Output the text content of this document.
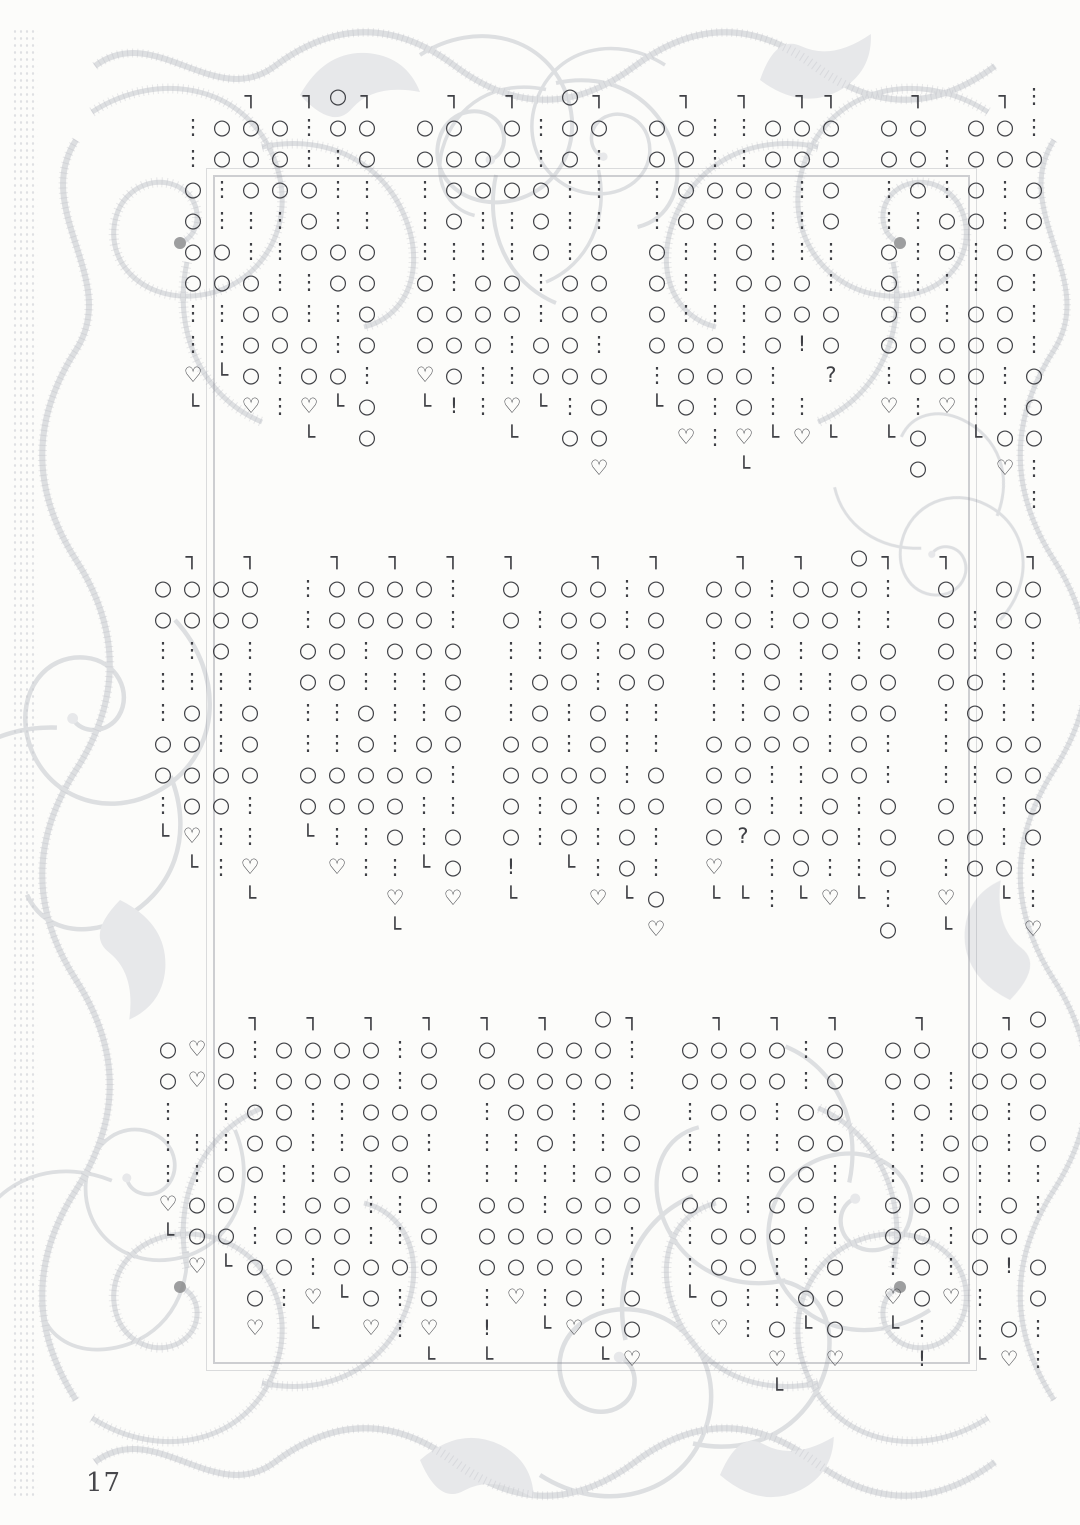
⋮⋮○○○○⋮⋮⋮○○○⋮⋮
┐○○⋮⋮○○○○⋮⋮○♡
 ○○○○⋮⋮○○○⋮└
  ⋮⋮○○⋮⋮○○♡
┐○○○⋮⋮⋮○○○⋮○○
 ○○⋮⋮○○○○⋮♡└

┐○○○○⋮⋮○○? └
┐○○⋮⋮⋮○○! ⋮♡
 ○○○⋮⋮○○○⋮⋮└
┐⋮⋮○○○○⋮⋮○○♡└
 ⋮⋮○○⋮⋮⋮○○⋮⋮
┐○○○○⋮⋮⋮○○○♡
 ○○⋮⋮○○○○⋮└

┐○⋮⋮⋮○○○⋮○○○♡
○○○⋮⋮⋮○○○○⋮○
 ⋮⋮○○○⋮⋮○○└
┐○○○⋮⋮○○⋮⋮♡└
  ○○⋮⋮○○○⋮⋮
┐○○○○⋮⋮○○○!
 ○○⋮⋮⋮○○○♡└

┐○○⋮⋮○○○○⋮○○
○○⋮⋮⋮○○⋮⋮○└
┐⋮⋮○○○⋮⋮○○♡└
 ○○○⋮⋮⋮○○⋮⋮
┐○○○⋮⋮○○○○♡
 ○○⋮⋮○○⋮⋮└
 ⋮⋮○○○○⋮⋮♡└
┐○○⋮⋮⋮○○○○⋮⋮♡
 ○○○⋮⋮○○⋮⋮○└
  ⋮⋮○○○⋮⋮○○
┐○○○○⋮⋮⋮○○⋮♡└

┐⋮⋮○○○⋮⋮○○○⋮○
○○⋮⋮○○○○⋮⋮⋮└
 ○○○⋮⋮⋮○○○⋮♡
┐○○⋮⋮○○⋮⋮○○└
 ⋮⋮○○○○⋮⋮○⋮⋮
┐○○○⋮⋮○○○? └
 ○○⋮⋮⋮○○○○♡└

┐○○○○⋮⋮○○⋮⋮○♡
 ⋮⋮○○⋮⋮⋮○○○└
┐○○⋮⋮○○○⋮⋮⋮♡
 ○○○○⋮⋮○○○└
  ⋮⋮○○○○⋮⋮
┐○○⋮⋮⋮○○○○!└

┐⋮⋮○○○○⋮⋮○○♡
 ○○○⋮⋮○○⋮⋮└
┐○○○⋮⋮⋮○○○⋮♡└
 ○○⋮⋮○○○○⋮⋮
┐○○○○⋮⋮○○⋮♡
 ⋮⋮○○⋮⋮○○└

┐○○⋮⋮○○○⋮⋮♡└
 ○○○⋮⋮⋮○○⋮⋮
┐○○⋮⋮○○○○♡└
 ○○⋮⋮⋮○○⋮└
○○○○○⋮⋮ ○○⋮⋮
┐○○⋮⋮⋮○○! ○♡
 ○○○○⋮⋮○○⋮⋮└
  ⋮⋮○○○⋮⋮♡
┐○○○⋮⋮○○○○⋮!
 ○○⋮⋮⋮○○⋮♡└

┐○○○○⋮⋮⋮○○○♡
 ⋮⋮○○○○⋮⋮○└
┐○○⋮⋮○○○⋮⋮○♡└
 ○○○⋮⋮⋮○○⋮⋮
┐○○○⋮⋮○○○○♡
 ○○⋮⋮○○⋮⋮└

┐⋮⋮○○○○⋮⋮○○♡
○○○⋮⋮○○○⋮⋮○└
 ○○⋮⋮⋮○○○○♡
┐○○○○⋮⋮○○⋮└
  ○○⋮⋮○○○♡
┐○○⋮⋮⋮○○○⋮!└

┐○○○⋮⋮○○○○♡└
 ⋮⋮○○○⋮⋮○⋮⋮
┐○○○○⋮⋮⋮○○♡
 ○○⋮⋮○○○○└
┐○○⋮⋮⋮○○⋮♡└
 ○○○○⋮⋮○○⋮
┐⋮⋮○○○⋮⋮○○♡
 ○○⋮⋮○○○└
 ♡♡ ⋮⋮○○♡
 ○○⋮⋮⋮♡└
17
